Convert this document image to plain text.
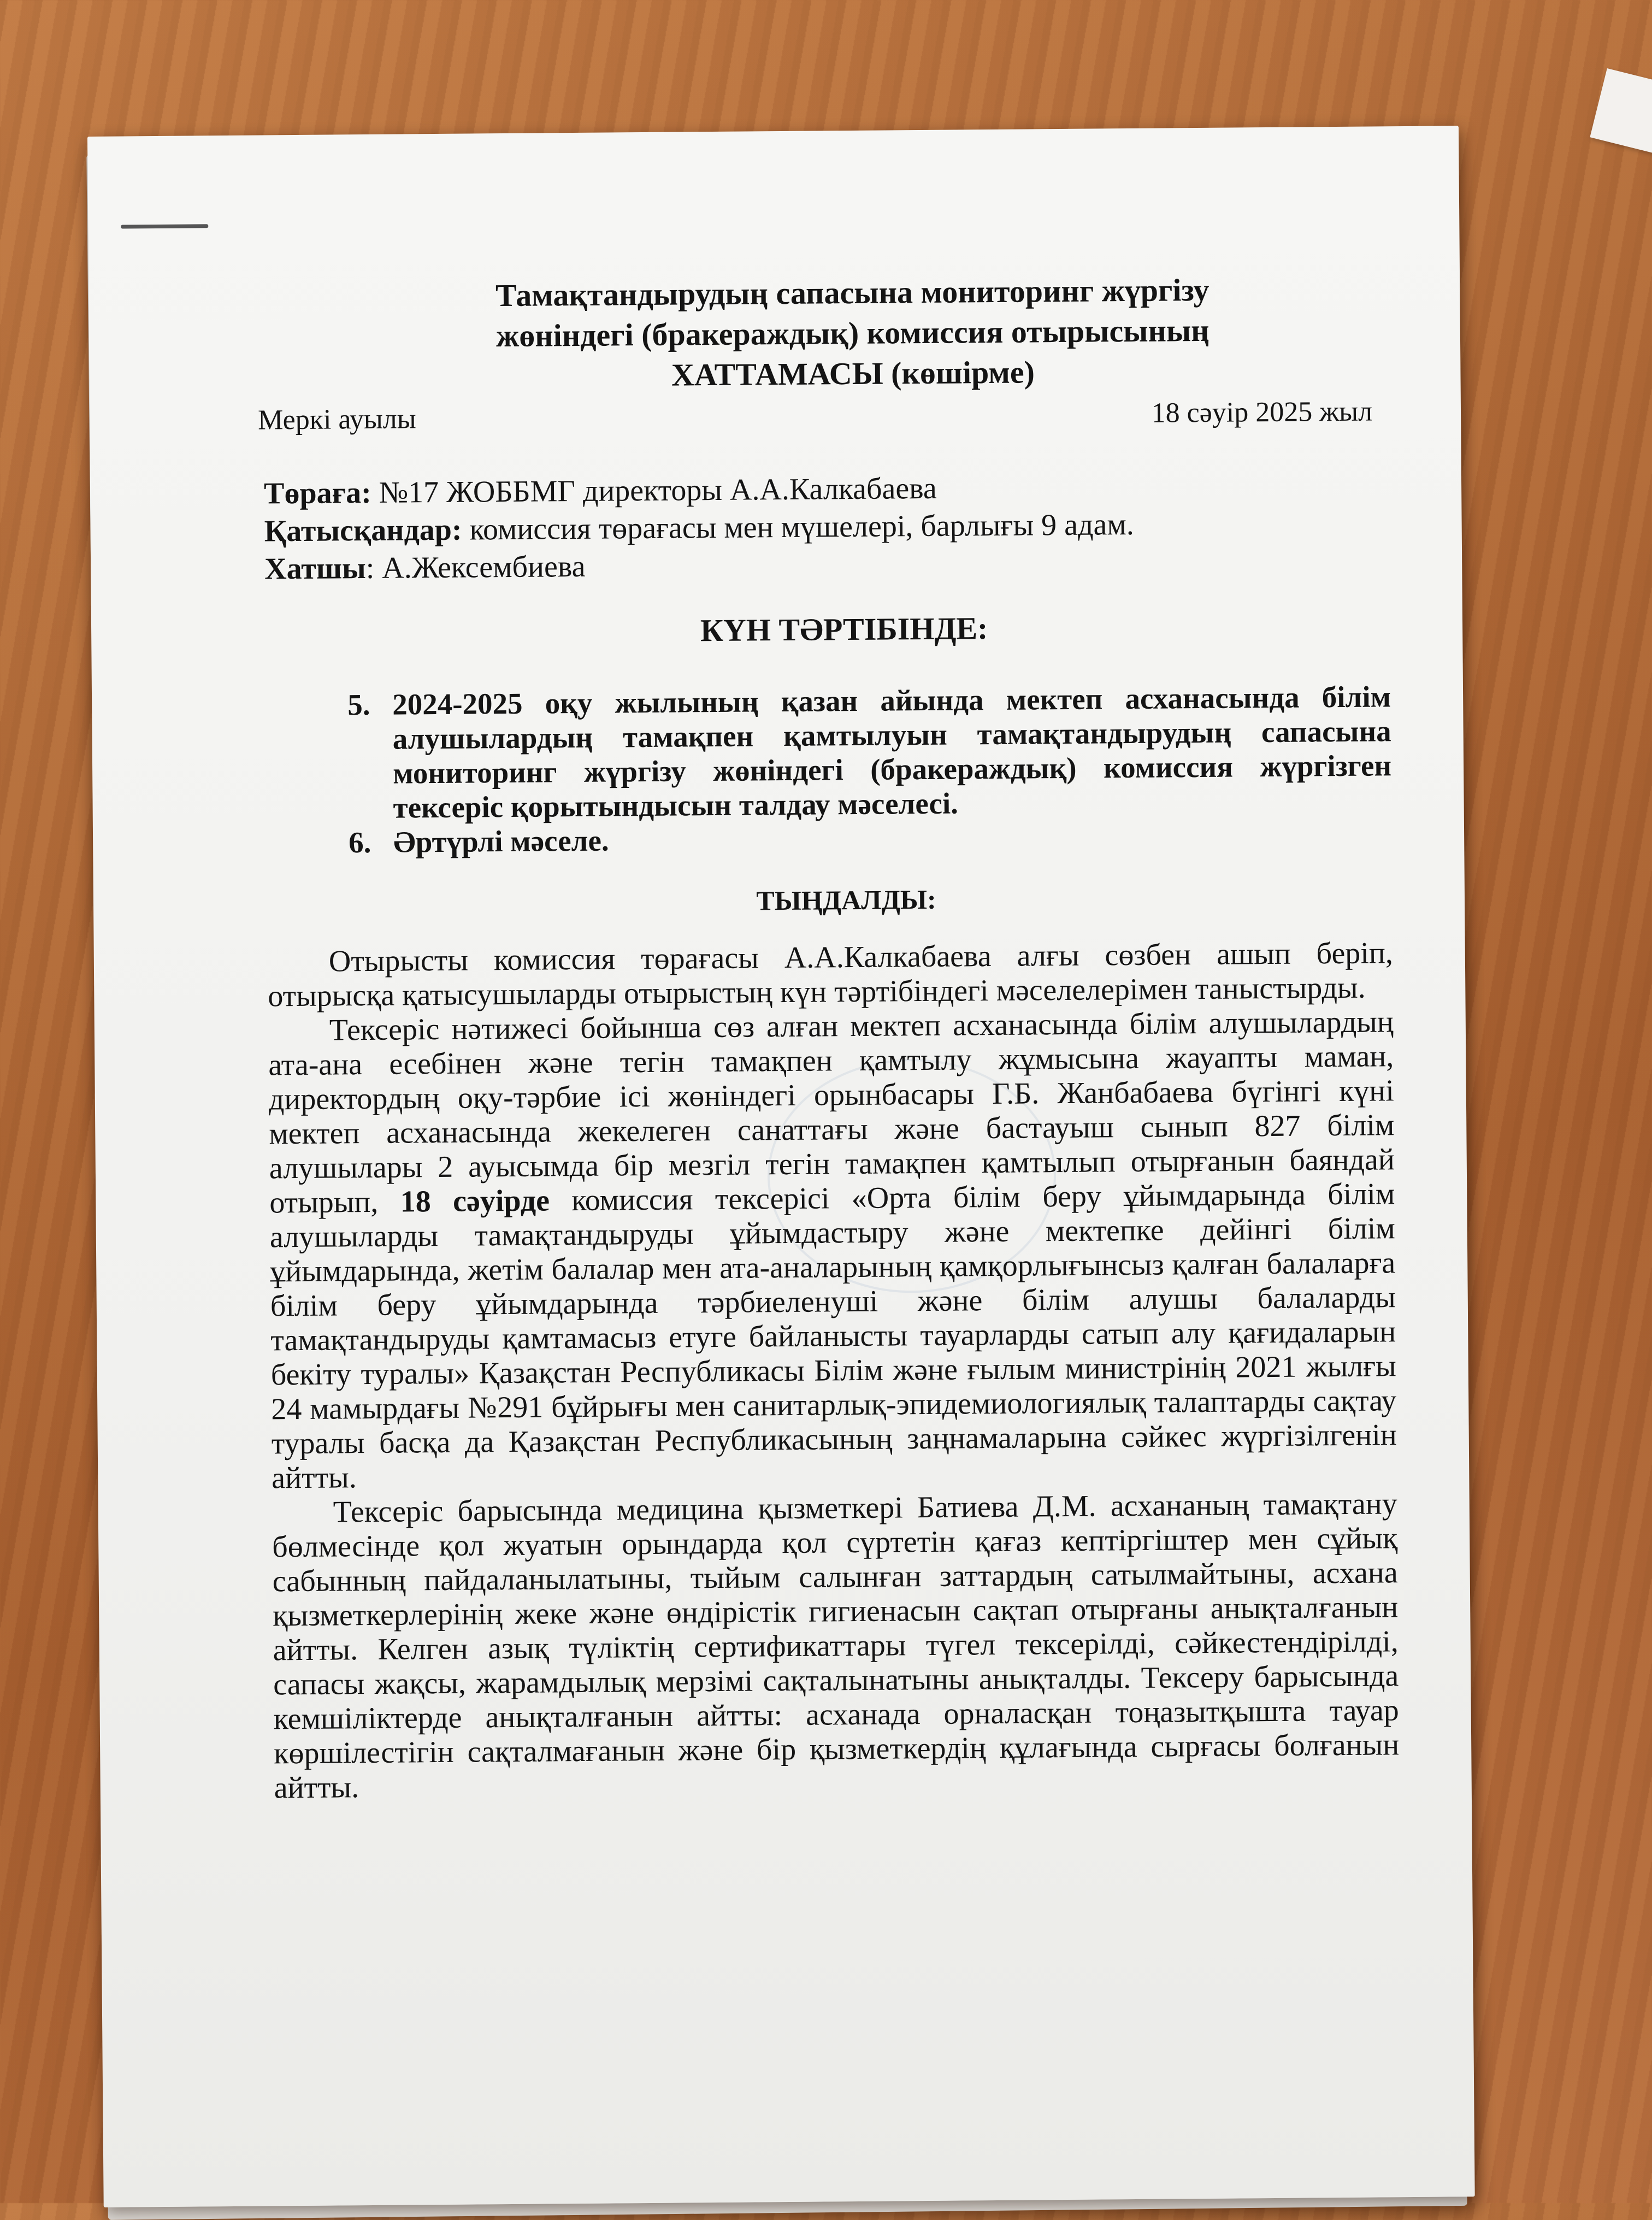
Тамақтандырудың сапасына мониторинг жүргізу
жөніндегі (бракераждық) комиссия отырысының
ХАТТАМАСЫ (көшірме)
Меркі ауылы	18 сәуір 2025 жыл
Төраға: №17 ЖОББМГ директоры А.А.Калкабаева
Қатысқандар: комиссия төрағасы мен мүшелері, барлығы 9 адам.
Хатшы: А.Жексембиева
КҮН ТӘРТІБІНДЕ:
5. 2024-2025 оқу жылының қазан айында мектеп асханасында білім алушылардың тамақпен қамтылуын тамақтандырудың сапасына мониторинг жүргізу жөніндегі (бракераждық) комиссия жүргізген тексеріс қорытындысын талдау мәселесі.
6. Әртүрлі мәселе.
ТЫҢДАЛДЫ:

Отырысты комиссия төрағасы А.А.Калкабаева алғы сөзбен ашып беріп, отырысқа қатысушыларды отырыстың күн тәртібіндегі мәселелерімен таныстырды.

Тексеріс нәтижесі бойынша сөз алған мектеп асханасында білім алушылардың ата-ана есебінен және тегін тамақпен қамтылу жұмысына жауапты маман, директордың оқу-тәрбие ісі жөніндегі орынбасары Г.Б. Жанбабаева бүгінгі күні мектеп асханасында жекелеген санаттағы және бастауыш сынып 827 білім алушылары 2 ауысымда бір мезгіл тегін тамақпен қамтылып отырғанын баяндай отырып, 18 сәуірде комиссия тексерісі «Орта білім беру ұйымдарында білім алушыларды тамақтандыруды ұйымдастыру және мектепке дейінгі білім ұйымдарында, жетім балалар мен ата-аналарының қамқорлығынсыз қалған балаларға білім беру ұйымдарында тәрбиеленуші және білім алушы балаларды тамақтандыруды қамтамасыз етуге байланысты тауарларды сатып алу қағидаларын бекіту туралы» Қазақстан Республикасы Білім және ғылым министрінің 2021 жылғы 24 мамырдағы №291 бұйрығы мен санитарлық-эпидемиологиялық талаптарды сақтау туралы басқа да Қазақстан Республикасының заңнамаларына сәйкес жүргізілгенін айтты.

Тексеріс барысында медицина қызметкері Батиева Д.М. асхананың тамақтану бөлмесінде қол жуатын орындарда қол сүртетін қағаз кептіргіштер мен сұйық сабынның пайдаланылатыны, тыйым салынған заттардың сатылмайтыны, асхана қызметкерлерінің жеке және өндірістік гигиенасын сақтап отырғаны анықталғанын айтты. Келген азық түліктің сертификаттары түгел тексерілді, сәйкестендірілді, сапасы жақсы, жарамдылық мерзімі сақталынатыны анықталды. Тексеру барысында кемшіліктерде анықталғанын айтты: асханада орналасқан тоңазытқышта тауар көршілестігін сақталмағанын және бір қызметкердің құлағында сырғасы болғанын айтты.
